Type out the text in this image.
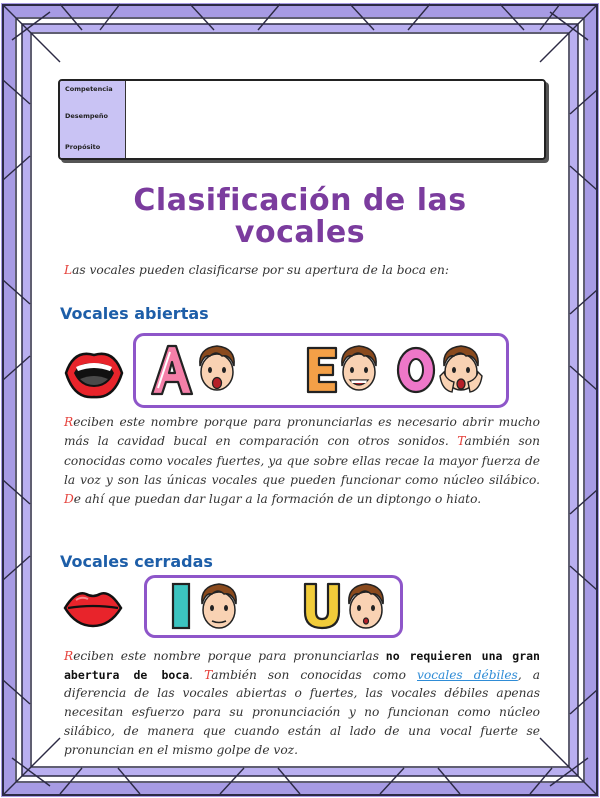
Competencia
Desempeño
Propósito
Clasificación de las
vocales
Las vocales pueden clasificarse por su apertura de la boca en:
Vocales abiertas

Reciben este nombre porque para pronunciarlas es necesario abrir mucho más la cavidad bucal en comparación con otros sonidos. También son conocidas como vocales fuertes, ya que sobre ellas recae la mayor fuerza de la voz y son las únicas vocales que pueden funcionar como núcleo silábico. De ahí que puedan dar lugar a la formación de un diptongo o hiato.

Vocales cerradas

Reciben este nombre porque para pronunciarlas no requieren una gran abertura de boca. También son conocidas como vocales débiles, a diferencia de las vocales abiertas o fuertes, las vocales débiles apenas necesitan esfuerzo para su pronunciación y no funcionan como núcleo silábico, de manera que cuando están al lado de una vocal fuerte se pronuncian en el mismo golpe de voz.
